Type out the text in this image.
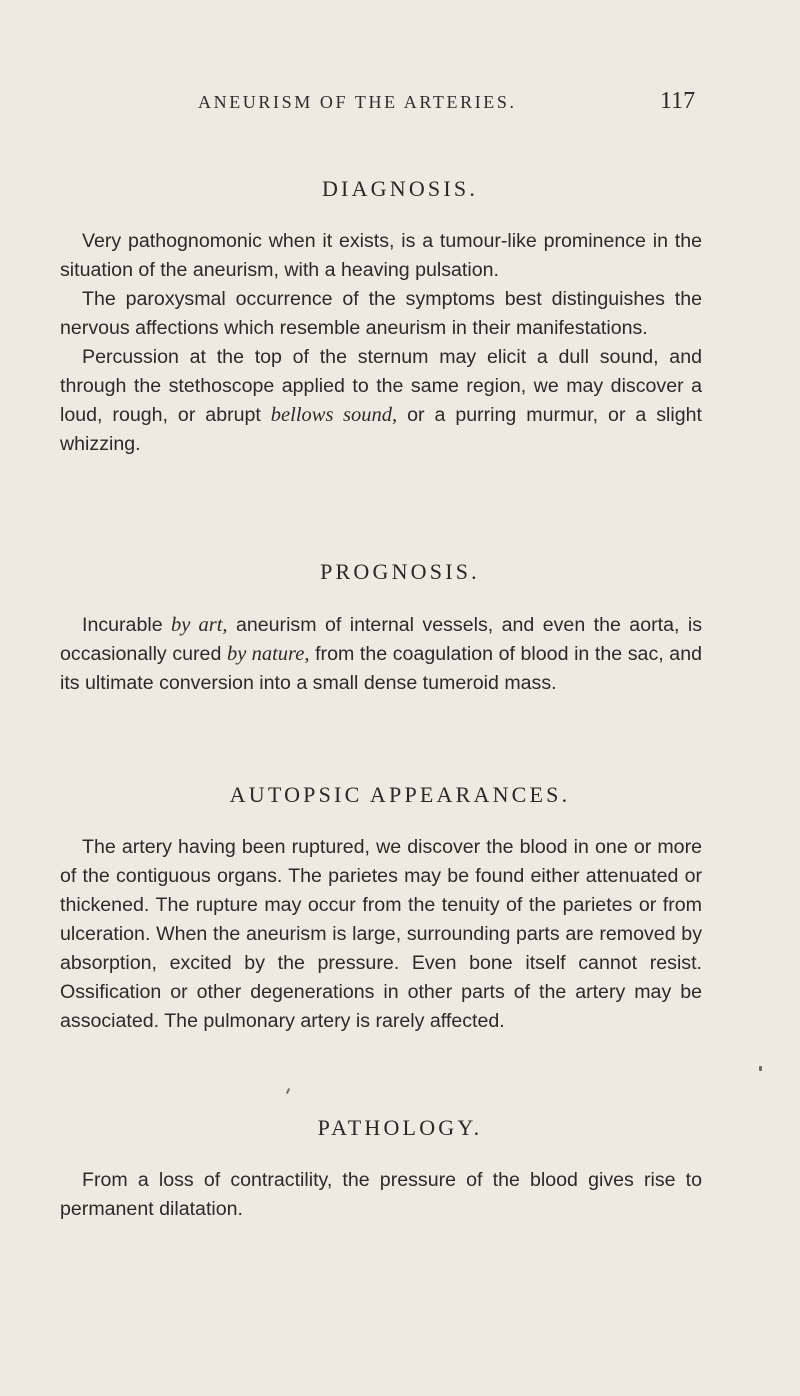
ANEURISM OF THE ARTERIES.	117
DIAGNOSIS.

Very pathognomonic when it exists, is a tumour-like prominence in the situation of the aneurism, with a heaving pulsation.

The paroxysmal occurrence of the symptoms best distinguishes the nervous affections which resemble aneurism in their manifestations.

Percussion at the top of the sternum may elicit a dull sound, and through the stethoscope applied to the same region, we may discover a loud, rough, or abrupt bellows sound, or a purring murmur, or a slight whizzing.

PROGNOSIS.

Incurable by art, aneurism of internal vessels, and even the aorta, is occasionally cured by nature, from the coagulation of blood in the sac, and its ultimate conversion into a small dense tumeroid mass.

AUTOPSIC APPEARANCES.

The artery having been ruptured, we discover the blood in one or more of the contiguous organs. The parietes may be found either attenuated or thickened. The rupture may occur from the tenuity of the parietes or from ulceration. When the aneurism is large, surrounding parts are removed by absorption, excited by the pressure. Even bone itself cannot resist. Ossification or other degenerations in other parts of the artery may be associated. The pulmonary artery is rarely affected.

PATHOLOGY.

From a loss of contractility, the pressure of the blood gives rise to permanent dilatation.
